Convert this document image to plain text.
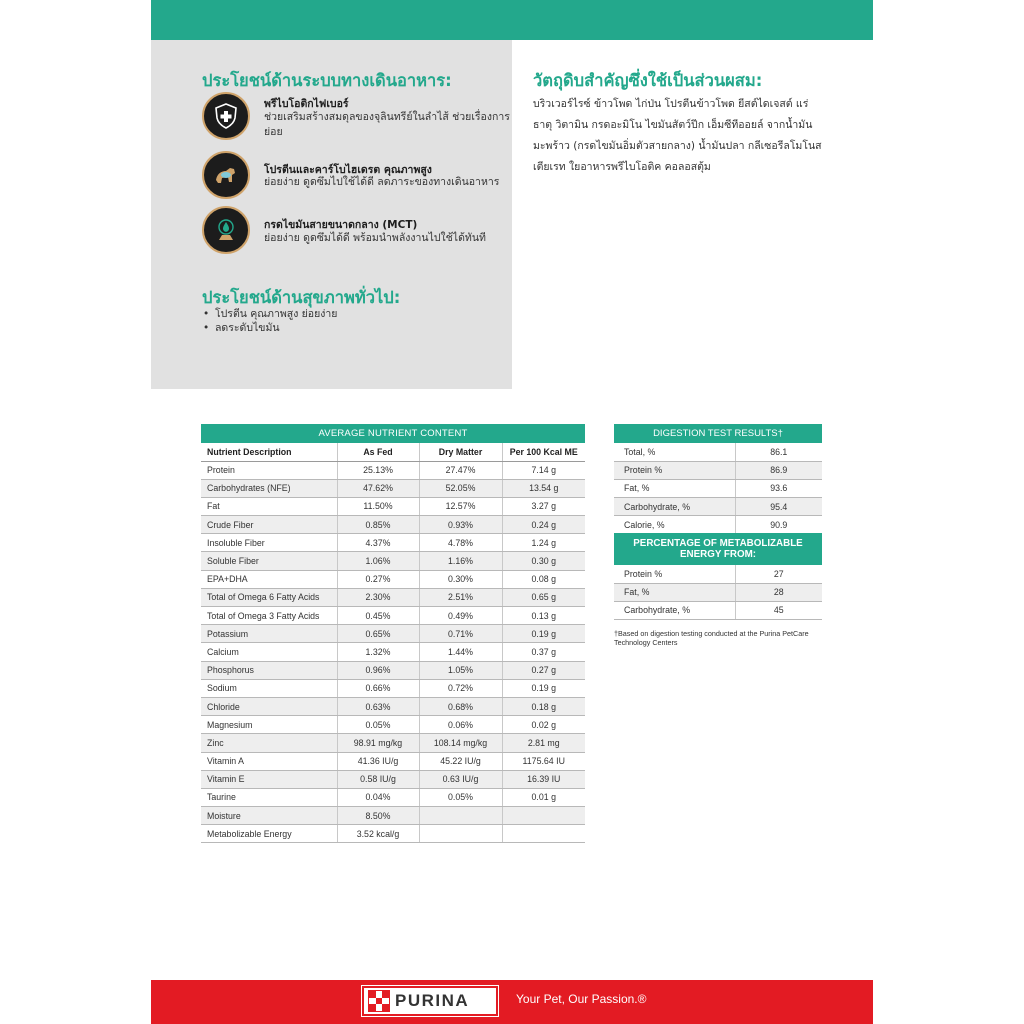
ประโยชน์ด้านระบบทางเดินอาหาร:
พรีไบโอติกไฟเบอร์
ช่วยเสริมสร้างสมดุลของจุลินทรีย์ในลำไส้ ช่วยเรื่องการย่อย
โปรตีนและคาร์โบไฮเดรต คุณภาพสูง
ย่อยง่าย ดูดซึมไปใช้ได้ดี ลดภาระของทางเดินอาหาร
กรดไขมันสายขนาดกลาง (MCT)
ย่อยง่าย ดูดซึมได้ดี พร้อมนำพลังงานไปใช้ได้ทันที
ประโยชน์ด้านสุขภาพทั่วไป:
• โปรตีน คุณภาพสูง ย่อยง่าย
• ลดระดับไขมัน
วัตถุดิบสำคัญซึ่งใช้เป็นส่วนผสม:

บริวเวอร์ไรซ์ ข้าวโพด ไก่ป่น โปรตีนข้าวโพด ยีสต์ไดเจสต์ แร่ธาตุ วิตามิน กรดอะมิโน ไขมันสัตว์ปีก เอ็มซีทีออยล์ จากน้ำมันมะพร้าว (กรดไขมันอิ่มตัวสายกลาง) น้ำมันปลา กลีเซอรีลโมโนสเตียเรท ใยอาหารพรีไบโอติค คอลอสตุ้ม

AVERAGE NUTRIENT CONTENT			
Nutrient Description	As Fed	Dry Matter	Per 100 Kcal ME
Protein	25.13%	27.47%	7.14 g
Carbohydrates (NFE)	47.62%	52.05%	13.54 g
Fat	11.50%	12.57%	3.27 g
Crude Fiber	0.85%	0.93%	0.24 g
Insoluble Fiber	4.37%	4.78%	1.24 g
Soluble Fiber	1.06%	1.16%	0.30 g
EPA+DHA	0.27%	0.30%	0.08 g
Total of Omega 6 Fatty Acids	2.30%	2.51%	0.65 g
Total of Omega 3 Fatty Acids	0.45%	0.49%	0.13 g
Potassium	0.65%	0.71%	0.19 g
Calcium	1.32%	1.44%	0.37 g
Phosphorus	0.96%	1.05%	0.27 g
Sodium	0.66%	0.72%	0.19 g
Chloride	0.63%	0.68%	0.18 g
Magnesium	0.05%	0.06%	0.02 g
Zinc	98.91 mg/kg	108.14 mg/kg	2.81 mg
Vitamin A	41.36 IU/g	45.22 IU/g	1175.64 IU
Vitamin E	0.58 IU/g	0.63 IU/g	16.39 IU
Taurine	0.04%	0.05%	0.01 g
Moisture	8.50%		
Metabolizable Energy	3.52 kcal/g		
DIGESTION TEST RESULTS†	
Total, %	86.1
Protein %	86.9
Fat, %	93.6
Carbohydrate, %	95.4
Calorie, %	90.9
PERCENTAGE OF METABOLIZABLE ENERGY FROM:	
Protein %	27
Fat, %	28
Carbohydrate, %	45

†Based on digestion testing conducted at the Purina PetCare Technology Centers

PURINA	Your Pet, Our Passion.®
